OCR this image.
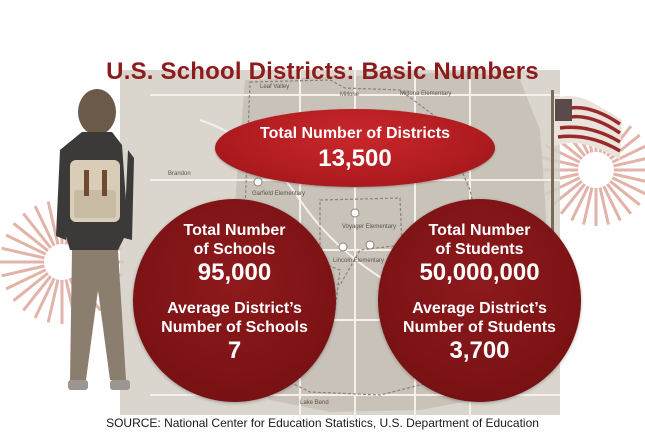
Leaf Valley
Millone	Miltona Elementary
Brandon
Garfield Elementary
Voyager Elementary
Lincoln Elementary
Lake Bend
U.S. School Districts: Basic Numbers
Total Number of Districts
13,500
Total Number
of Schools
95,000
Average District’s
Number of Schools
7
Total Number
of Students
50,000,000
Average District’s
Number of Students
3,700
SOURCE: National Center for Education Statistics, U.S. Department of Education
